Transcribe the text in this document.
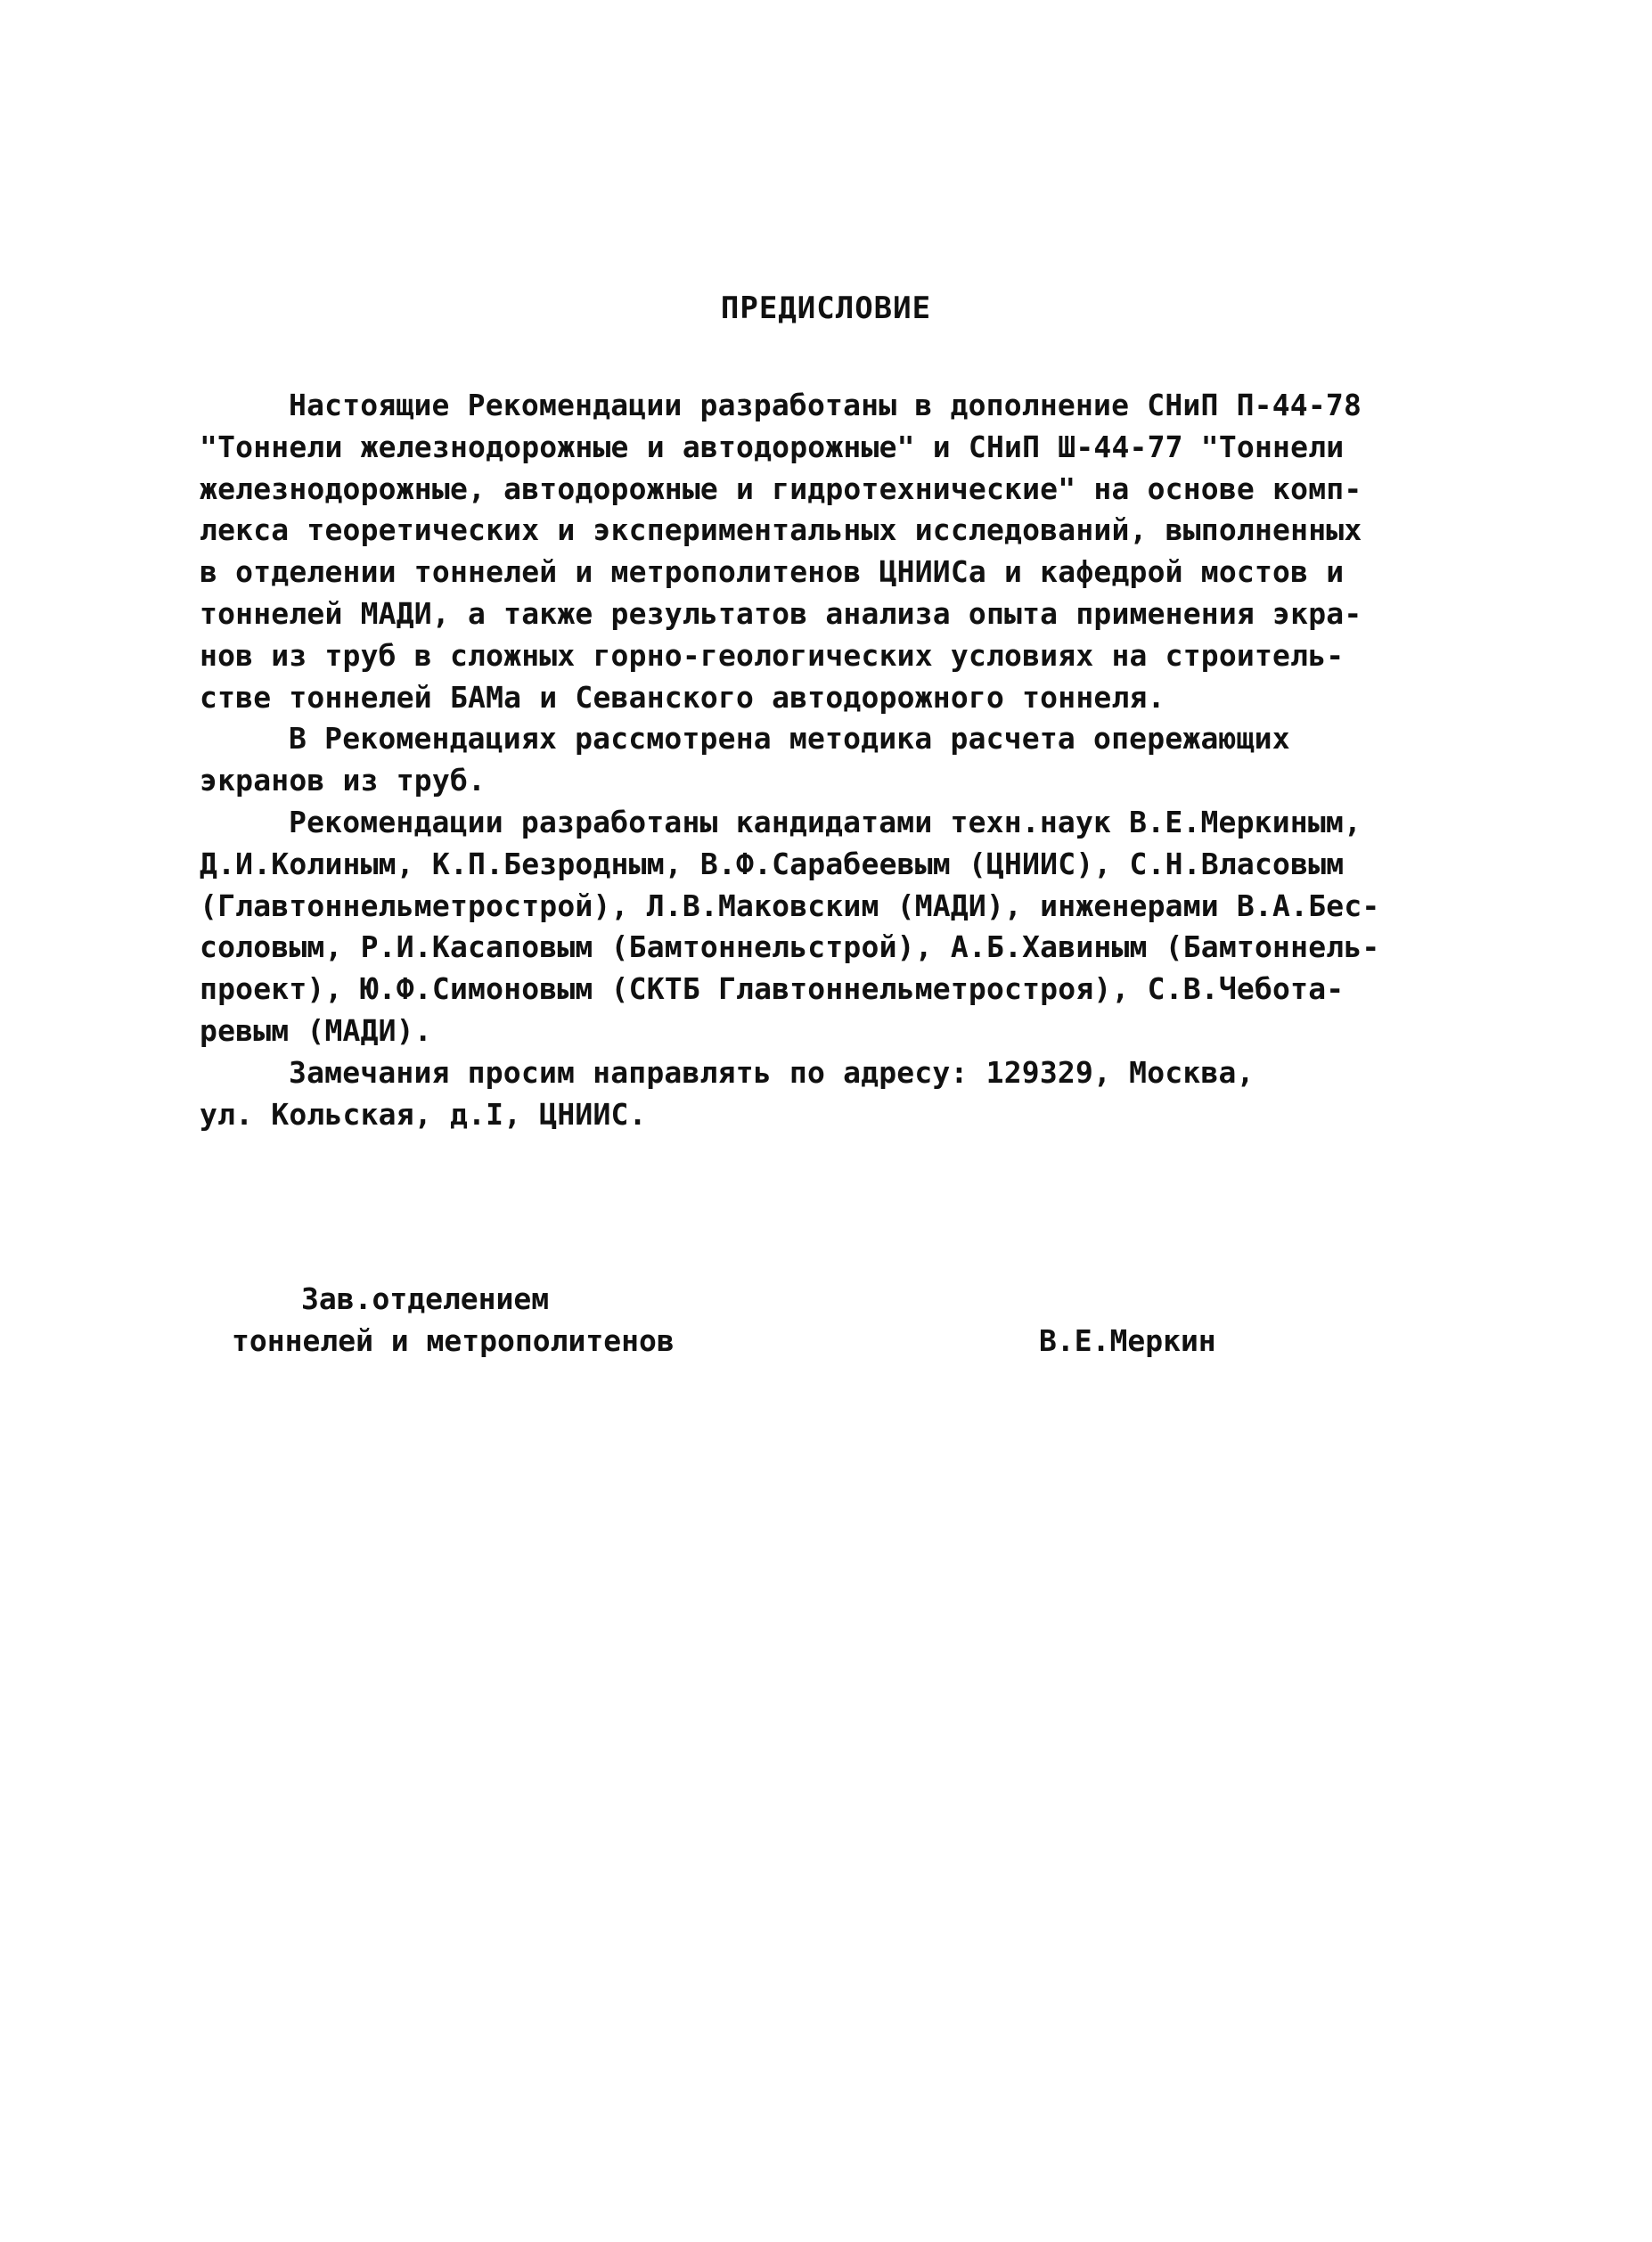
ПРЕДИСЛОВИЕ
Настоящие Рекомендации разработаны в дополнение СНиП П-44-78
"Тоннели железнодорожные и автодорожные" и СНиП Ш-44-77 "Тоннели
железнодорожные, автодорожные и гидротехнические" на основе комп-
лекса теоретических и экспериментальных исследований, выполненных
в отделении тоннелей и метрополитенов ЦНИИСа и кафедрой мостов и
тоннелей МАДИ, а также результатов анализа опыта применения экра-
нов из труб в сложных горно-геологических условиях на строитель-
стве тоннелей БАМа и Севанского автодорожного тоннеля.
В Рекомендациях рассмотрена методика расчета опережающих
экранов из труб.
Рекомендации разработаны кандидатами техн.наук В.Е.Меркиным,
Д.И.Колиным, К.П.Безродным, В.Ф.Сарабеевым (ЦНИИС), С.Н.Власовым
(Главтоннельметрострой), Л.В.Маковским (МАДИ), инженерами В.А.Бес-
соловым, Р.И.Касаповым (Бамтоннельстрой), А.Б.Хавиным (Бамтоннель-
проект), Ю.Ф.Симоновым (СКТБ Главтоннельметростроя), С.В.Чебота-
ревым (МАДИ).
Замечания просим направлять по адресу: 129329, Москва,
ул. Кольская, д.I, ЦНИИС.
Зав.отделением
тоннелей и метрополитенов	В.Е.Меркин
